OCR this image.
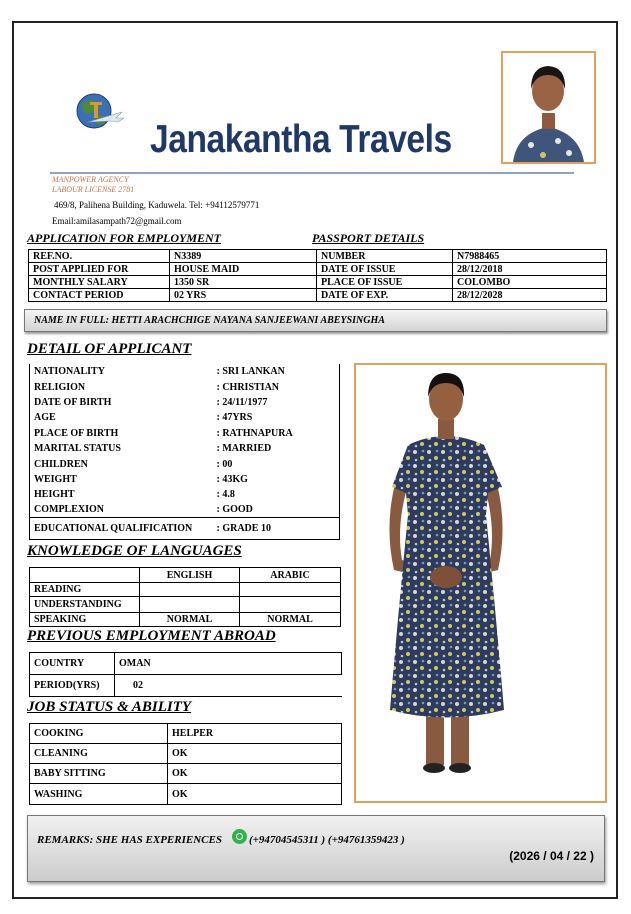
Janakantha Travels
MANPOWER AGENCY
LABOUR LICENSE 2781
469/8, Palihena Building, Kaduwela. Tel: +94112579771
Email:amilasampath72@gmail.com
APPLICATION FOR EMPLOYMENT	PASSPORT DETAILS
REF.NO.	N3389	NUMBER	N7988465
POST APPLIED FOR	HOUSE MAID	DATE OF ISSUE	28/12/2018
MONTHLY SALARY	1350 SR	PLACE OF ISSUE	COLOMBO
CONTACT PERIOD	02 YRS	DATE OF EXP.	28/12/2028
NAME IN FULL: HETTI ARACHCHIGE NAYANA SANJEEWANI ABEYSINGHA
DETAIL OF APPLICANT
NATIONALITY	: SRI LANKAN
RELIGION	: CHRISTIAN
DATE OF BIRTH	: 24/11/1977
AGE	: 47YRS
PLACE OF BIRTH	: RATHNAPURA
MARITAL STATUS	: MARRIED
CHILDREN	: 00
WEIGHT	: 43KG
HEIGHT	: 4.8
COMPLEXION	: GOOD
EDUCATIONAL QUALIFICATION	: GRADE 10
KNOWLEDGE OF LANGUAGES
	ENGLISH	ARABIC
READING		
UNDERSTANDING		
SPEAKING	NORMAL	NORMAL
PREVIOUS EMPLOYMENT ABROAD
COUNTRY	OMAN
PERIOD(YRS)	02
JOB STATUS & ABILITY
COOKING	HELPER
CLEANING	OK
BABY SITTING	OK
WASHING	OK
REMARKS: SHE HAS EXPERIENCES (+94704545311 ) (+94761359423 )
(2026 / 04 / 22 )
